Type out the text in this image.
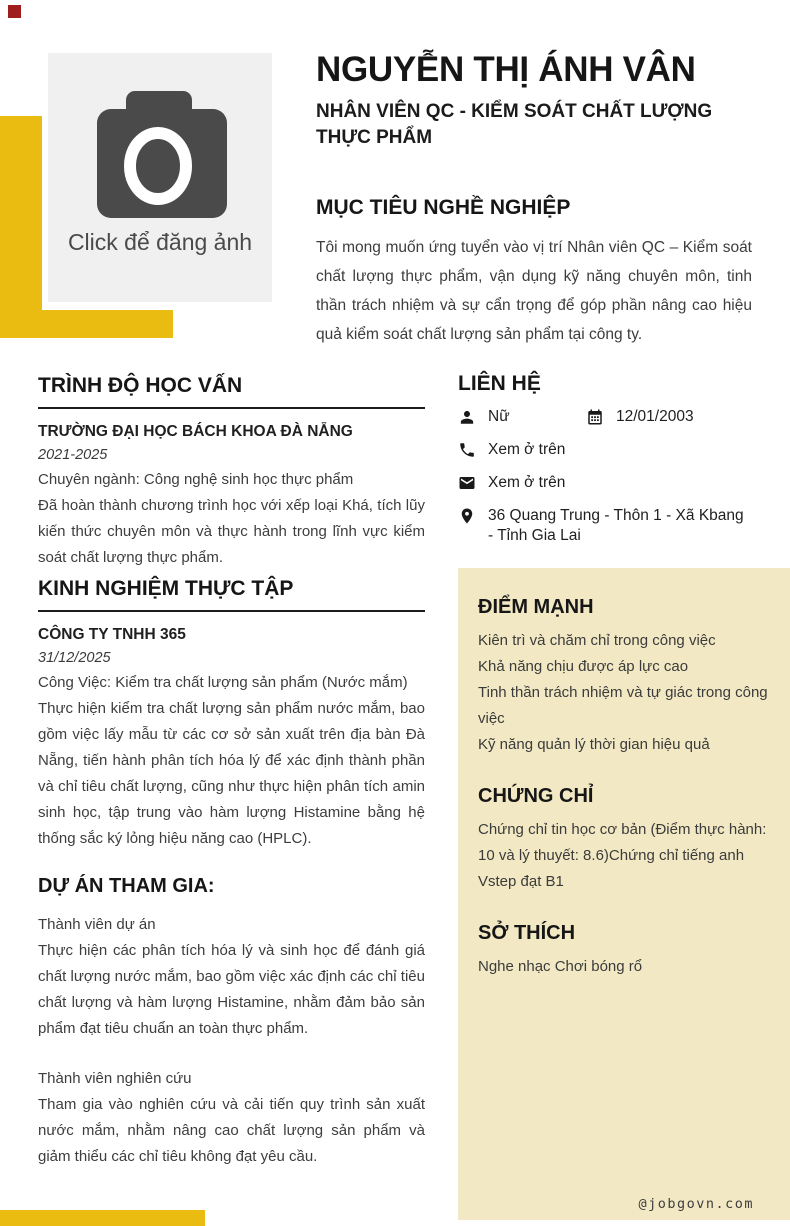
Click để đăng ảnh
NGUYỄN THỊ ÁNH VÂN
NHÂN VIÊN QC - KIỂM SOÁT CHẤT LƯỢNG THỰC PHẨM
MỤC TIÊU NGHỀ NGHIỆP

Tôi mong muốn ứng tuyển vào vị trí Nhân viên QC – Kiểm soát chất lượng thực phẩm, vận dụng kỹ năng chuyên môn, tinh thần trách nhiệm và sự cẩn trọng để góp phần nâng cao hiệu quả kiểm soát chất lượng sản phẩm tại công ty.

TRÌNH ĐỘ HỌC VẤN
TRƯỜNG ĐẠI HỌC BÁCH KHOA ĐÀ NẴNG
2021-2025
Chuyên ngành: Công nghệ sinh học thực phẩm

Đã hoàn thành chương trình học với xếp loại Khá, tích lũy kiến thức chuyên môn và thực hành trong lĩnh vực kiểm soát chất lượng thực phẩm.

KINH NGHIỆM THỰC TẬP
CÔNG TY TNHH 365
31/12/2025
Công Việc: Kiểm tra chất lượng sản phẩm (Nước mắm)

Thực hiện kiểm tra chất lượng sản phẩm nước mắm, bao gồm việc lấy mẫu từ các cơ sở sản xuất trên địa bàn Đà Nẵng, tiến hành phân tích hóa lý để xác định thành phần và chỉ tiêu chất lượng, cũng như thực hiện phân tích amin sinh học, tập trung vào hàm lượng Histamine bằng hệ thống sắc ký lỏng hiệu năng cao (HPLC).

DỰ ÁN THAM GIA:
Thành viên dự án

Thực hiện các phân tích hóa lý và sinh học để đánh giá chất lượng nước mắm, bao gồm việc xác định các chỉ tiêu chất lượng và hàm lượng Histamine, nhằm đảm bảo sản phẩm đạt tiêu chuẩn an toàn thực phẩm.

Thành viên nghiên cứu

Tham gia vào nghiên cứu và cải tiến quy trình sản xuất nước mắm, nhằm nâng cao chất lượng sản phẩm và giảm thiểu các chỉ tiêu không đạt yêu cầu.

LIÊN HỆ
Nữ	12/01/2003
Xem ở trên
Xem ở trên
36 Quang Trung - Thôn 1 - Xã Kbang - Tỉnh Gia Lai
ĐIỂM MẠNH
Kiên trì và chăm chỉ trong công việc
Khả năng chịu được áp lực cao
Tinh thần trách nhiệm và tự giác trong công việc
Kỹ năng quản lý thời gian hiệu quả
CHỨNG CHỈ
Chứng chỉ tin học cơ bản (Điểm thực hành: 10 và lý thuyết: 8.6)Chứng chỉ tiếng anh Vstep đạt B1
SỞ THÍCH
Nghe nhạc Chơi bóng rổ
@jobgovn.com
